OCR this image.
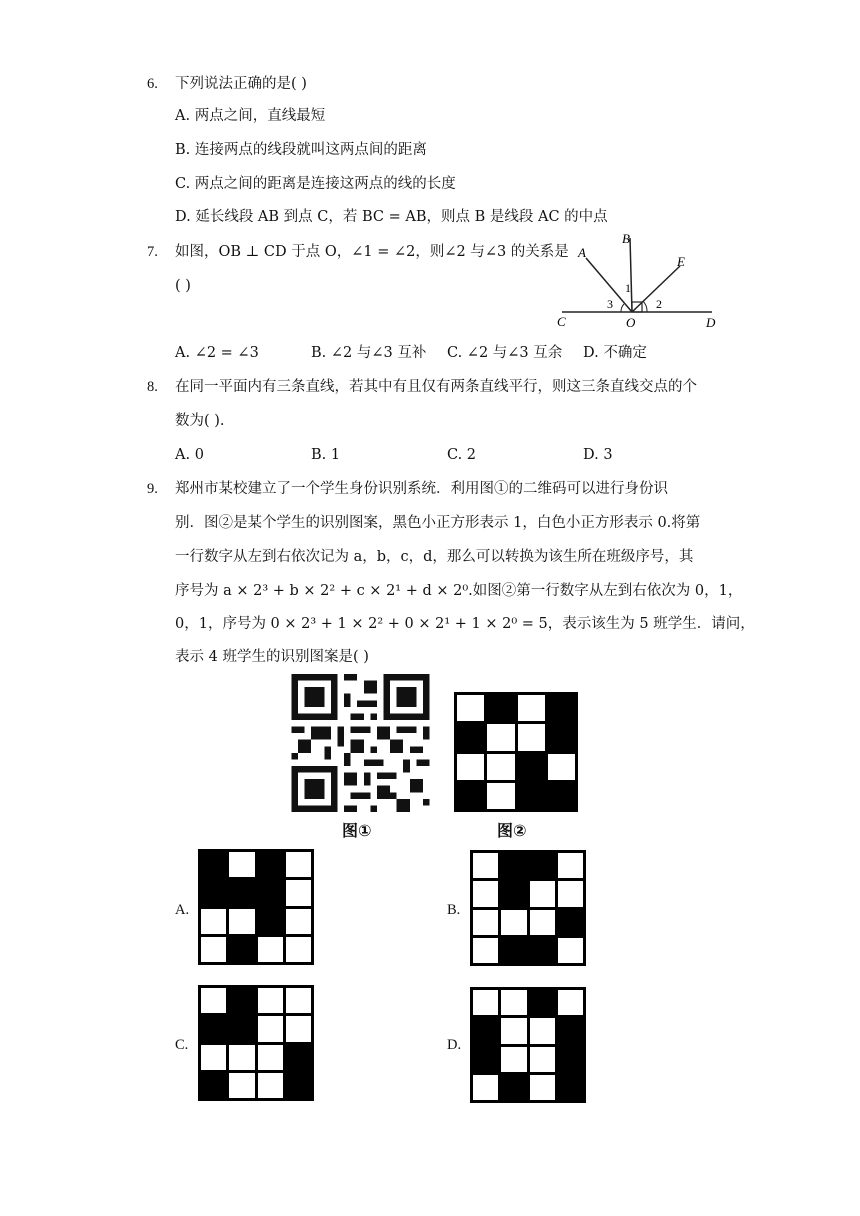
6. 下列说法正确的是( )
A. 两点之间，直线最短
B. 连接两点的线段就叫这两点间的距离
C. 两点之间的距离是连接这两点的线的长度
D. 延长线段 AB 到点 C，若 BC = AB，则点 B 是线段 AC 的中点
7. 如图，OB ⊥ CD 于点 O，∠1 = ∠2，则∠2 与∠3 的关系是
( )
A
B
E
C	O	D
1
2
3
A. ∠2 = ∠3	B. ∠2 与∠3 互补 C. ∠2 与∠3 互余 D. 不确定
8. 在同一平面内有三条直线，若其中有且仅有两条直线平行，则这三条直线交点的个
数为( ).
A. 0	B. 1	C. 2	D. 3
9. 郑州市某校建立了一个学生身份识别系统．利用图①的二维码可以进行身份识
别．图②是某个学生的识别图案，黑色小正方形表示 1，白色小正方形表示 0.将第
一行数字从左到右依次记为 a，b，c，d，那么可以转换为该生所在班级序号，其
序号为 a × 2³ + b × 2² + c × 2¹ + d × 2⁰.如图②第一行数字从左到右依次为 0，1，
0，1，序号为 0 × 2³ + 1 × 2² + 0 × 2¹ + 1 × 2⁰ = 5，表示该生为 5 班学生．请问，
表示 4 班学生的识别图案是( )
图①	图②
A.	B.
C.	D.
